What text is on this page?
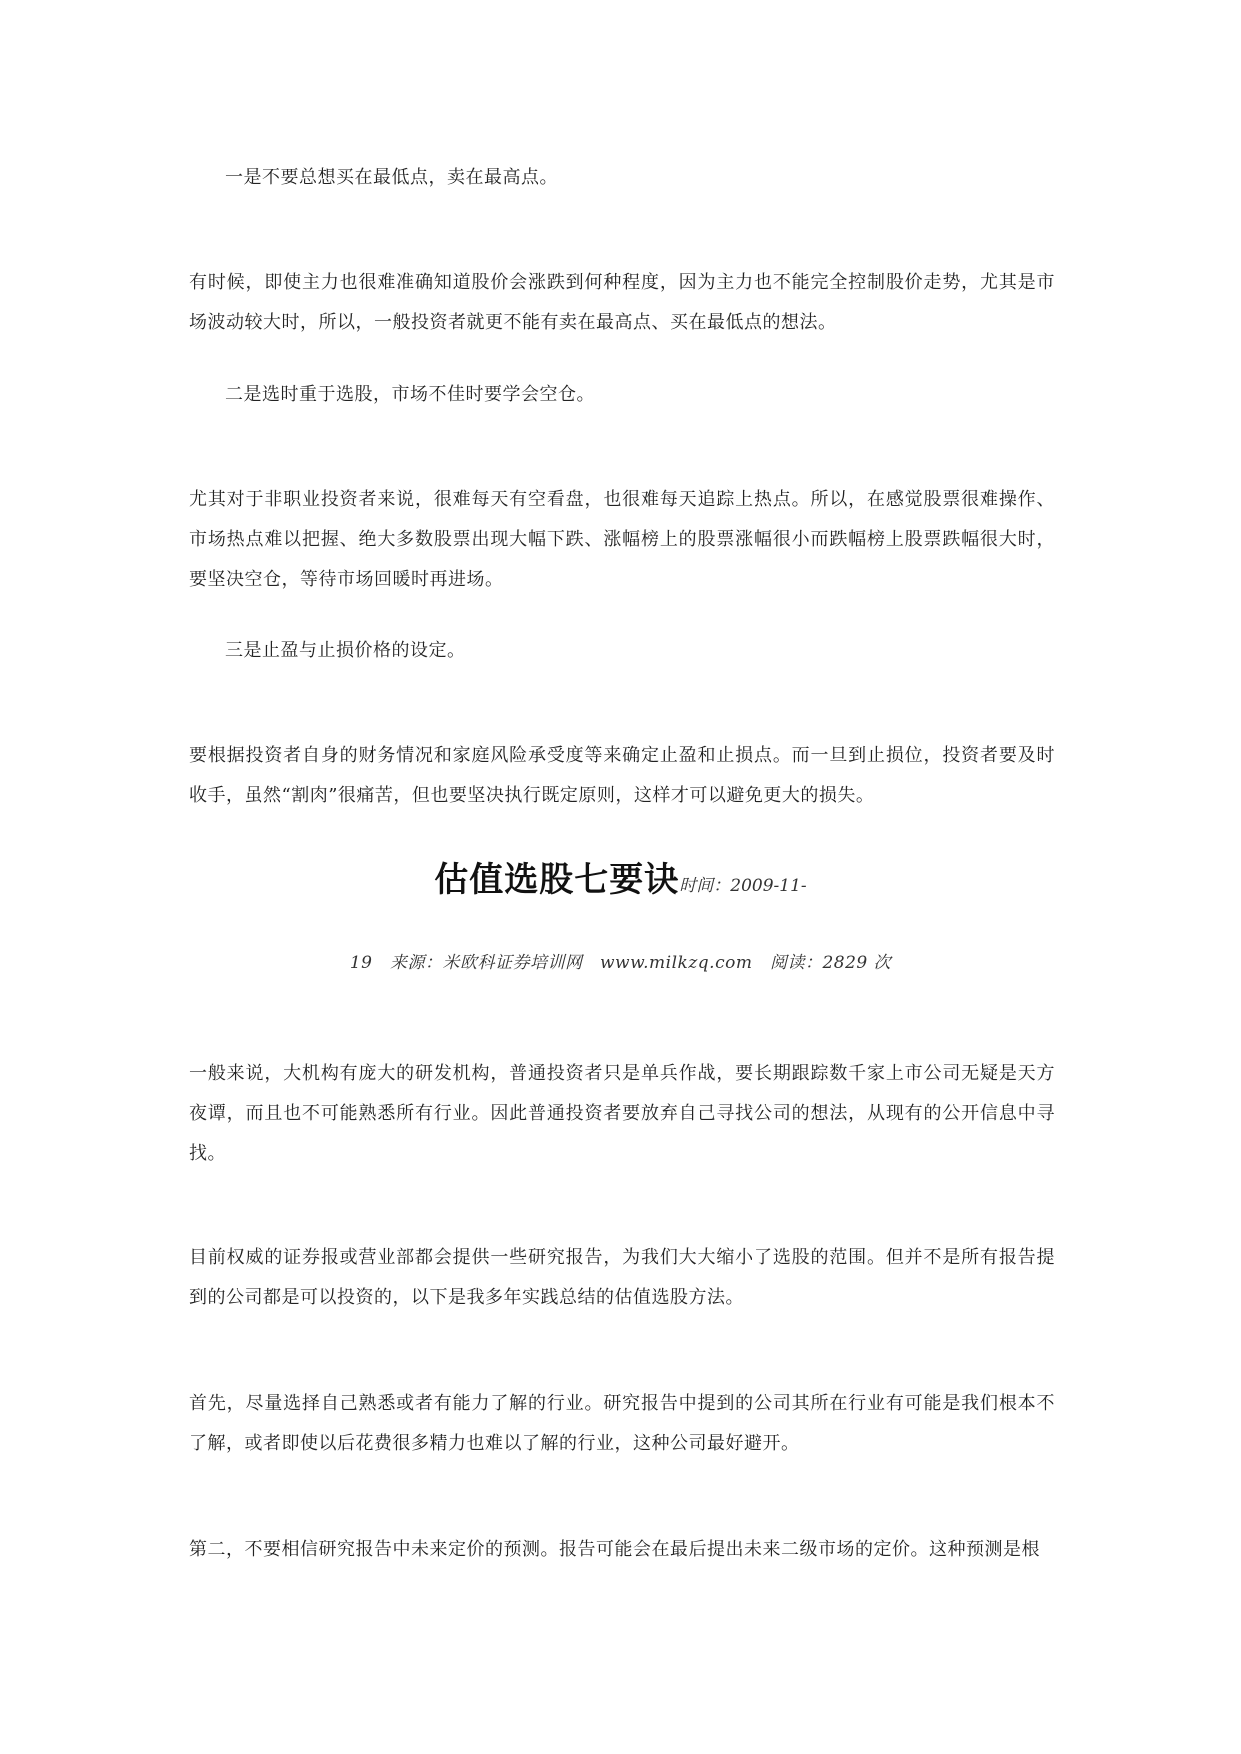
一是不要总想买在最低点，卖在最高点。

有时候，即使主力也很难准确知道股价会涨跌到何种程度，因为主力也不能完全控制股价走势，尤其是市场波动较大时，所以，一般投资者就更不能有卖在最高点、买在最低点的想法。

二是选时重于选股，市场不佳时要学会空仓。

尤其对于非职业投资者来说，很难每天有空看盘，也很难每天追踪上热点。所以，在感觉股票很难操作、市场热点难以把握、绝大多数股票出现大幅下跌、涨幅榜上的股票涨幅很小而跌幅榜上股票跌幅很大时，要坚决空仓，等待市场回暖时再进场。

三是止盈与止损价格的设定。

要根据投资者自身的财务情况和家庭风险承受度等来确定止盈和止损点。而一旦到止损位，投资者要及时收手，虽然“割肉”很痛苦，但也要坚决执行既定原则，这样才可以避免更大的损失。

估值选股七要诀时间：2009-11-
19　来源：米欧科证券培训网　www.milkzq.com　阅读：2829 次

一般来说，大机构有庞大的研发机构，普通投资者只是单兵作战，要长期跟踪数千家上市公司无疑是天方夜谭，而且也不可能熟悉所有行业。因此普通投资者要放弃自己寻找公司的想法，从现有的公开信息中寻找。

目前权威的证券报或营业部都会提供一些研究报告，为我们大大缩小了选股的范围。但并不是所有报告提到的公司都是可以投资的，以下是我多年实践总结的估值选股方法。

首先，尽量选择自己熟悉或者有能力了解的行业。研究报告中提到的公司其所在行业有可能是我们根本不了解，或者即使以后花费很多精力也难以了解的行业，这种公司最好避开。

第二，不要相信研究报告中未来定价的预测。报告可能会在最后提出未来二级市场的定价。这种预测是根
